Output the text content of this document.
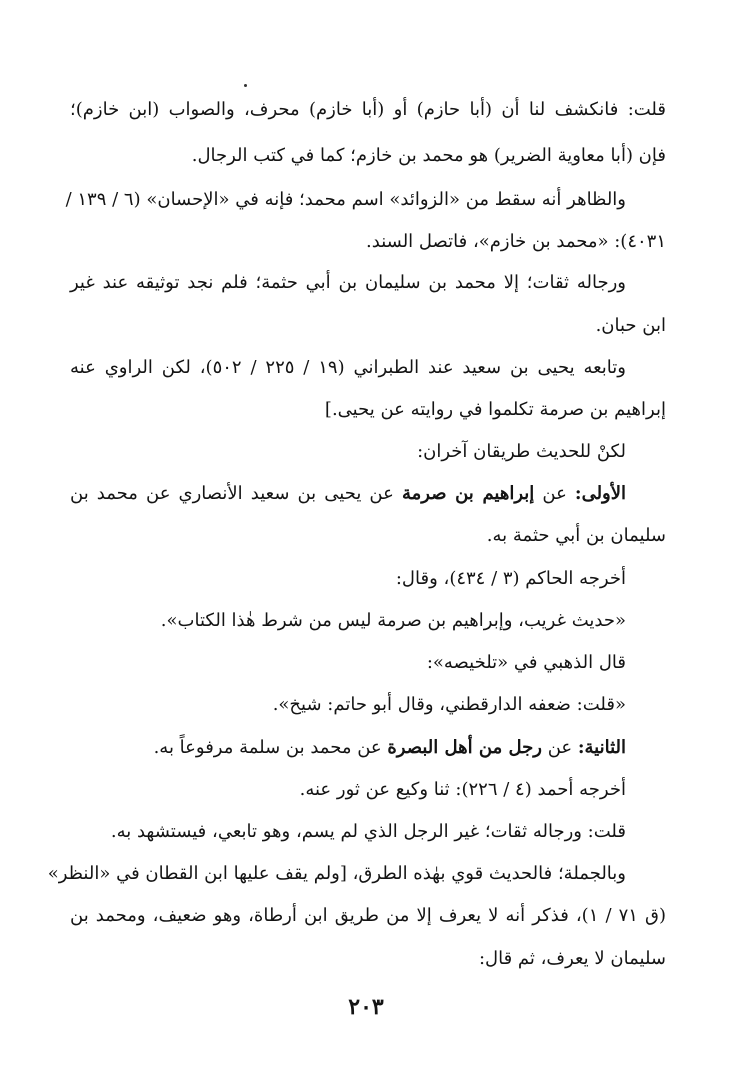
قلت: فانكشف لنا أن (أبا حازم) أو (أبا خازم) محرف، والصواب (ابن خازم)؛
فإن (أبا معاوية الضرير) هو محمد بن خازم؛ كما في كتب الرجال.
والظاهر أنه سقط من «الزوائد» اسم محمد؛ فإنه في «الإحسان» (٦ / ١٣٩ /
٤٠٣١): «محمد بن خازم»، فاتصل السند.
ورجاله ثقات؛ إلا محمد بن سليمان بن أبي حثمة؛ فلم نجد توثيقه عند غير
ابن حبان.
وتابعه يحيى بن سعيد عند الطبراني (١٩ / ٢٢٥ / ٥٠٢)، لكن الراوي عنه
إبراهيم بن صرمة تكلموا في روايته عن يحيى.]
لكنْ للحديث طريقان آخران:
الأولى: عن إبراهيم بن صرمة عن يحيى بن سعيد الأنصاري عن محمد بن
سليمان بن أبي حثمة به.
أخرجه الحاكم (٣ / ٤٣٤)، وقال:
«حديث غريب، وإبراهيم بن صرمة ليس من شرط هٰذا الكتاب».
قال الذهبي في «تلخيصه»:
«قلت: ضعفه الدارقطني، وقال أبو حاتم: شيخ».
الثانية: عن رجل من أهل البصرة عن محمد بن سلمة مرفوعاً به.
أخرجه أحمد (٤ / ٢٢٦): ثنا وكيع عن ثور عنه.
قلت: ورجاله ثقات؛ غير الرجل الذي لم يسم، وهو تابعي، فيستشهد به.
وبالجملة؛ فالحديث قوي بهٰذه الطرق، [ولم يقف عليها ابن القطان في «النظر»
(ق ٧١ / ١)، فذكر أنه لا يعرف إلا من طريق ابن أرطاة، وهو ضعيف، ومحمد بن
سليمان لا يعرف، ثم قال:
٢٠٣
